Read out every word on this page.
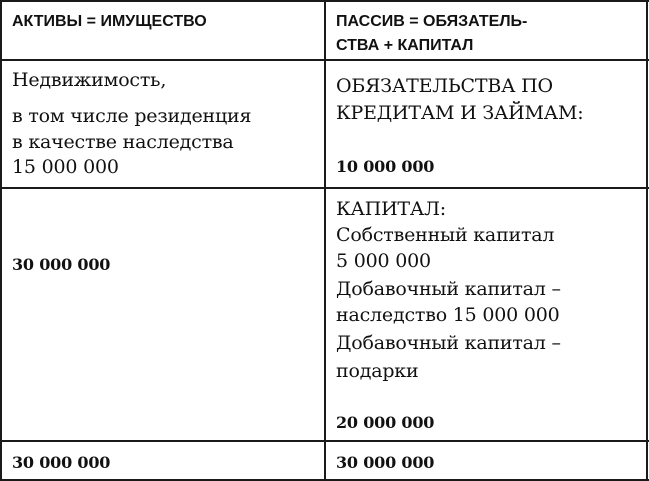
АКТИВЫ = ИМУЩЕСТВО	ПАССИВ = ОБЯЗАТЕЛЬ-
СТВА + КАПИТАЛ
Недвижимость,
в том числе резиденция
в качестве наследства
15 000 000
ОБЯЗАТЕЛЬСТВА ПО
КРЕДИТАМ И ЗАЙМАМ:
10 000 000
30 000 000
КАПИТАЛ:
Собственный капитал
5 000 000
Добавочный капитал –
наследство 15 000 000
Добавочный капитал –
подарки
20 000 000
30 000 000	30 000 000
